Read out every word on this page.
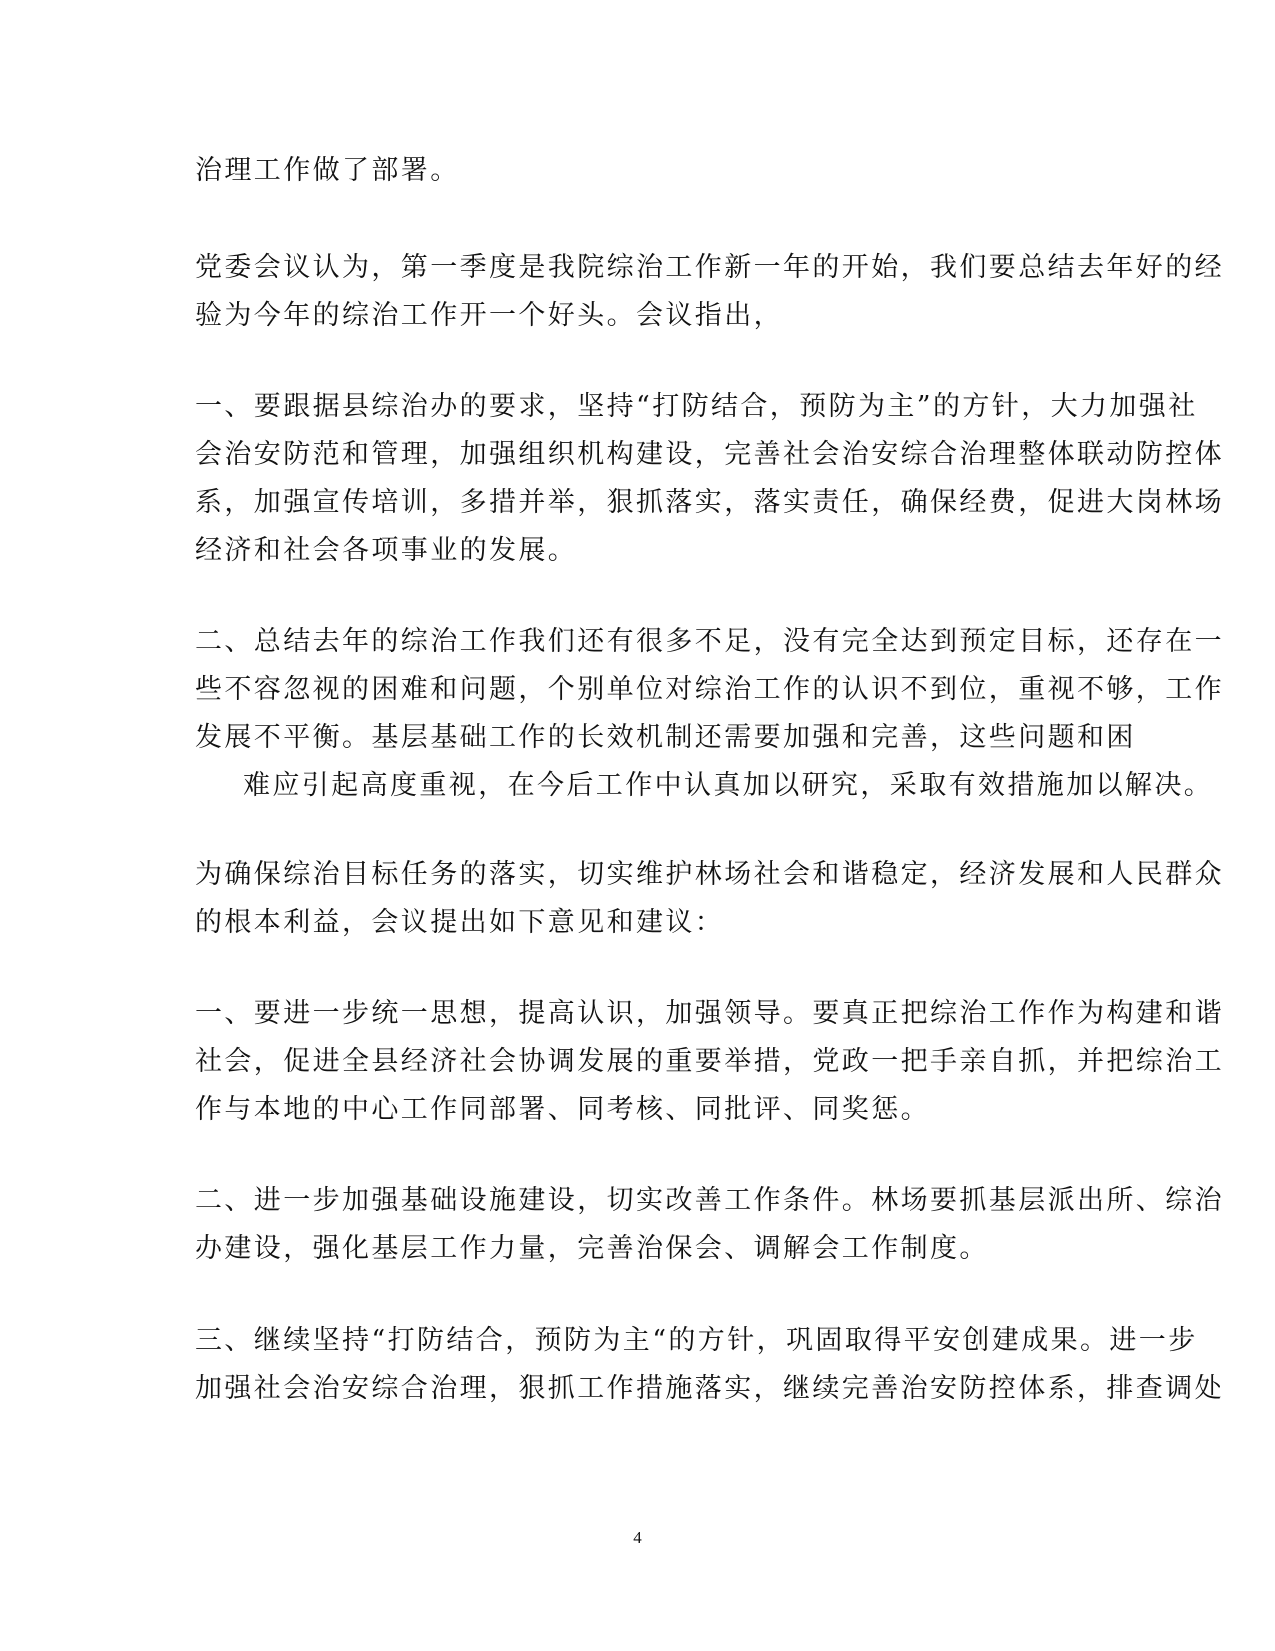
治理工作做了部署。
党委会议认为，第一季度是我院综治工作新一年的开始，我们要总结去年好的经
验为今年的综治工作开一个好头。会议指出，
一、要跟据县综治办的要求，坚持“打防结合，预防为主”的方针，大力加强社
会治安防范和管理，加强组织机构建设，完善社会治安综合治理整体联动防控体
系，加强宣传培训，多措并举，狠抓落实，落实责任，确保经费，促进大岗林场
经济和社会各项事业的发展。
二、总结去年的综治工作我们还有很多不足，没有完全达到预定目标，还存在一
些不容忽视的困难和问题，个别单位对综治工作的认识不到位，重视不够，工作
发展不平衡。基层基础工作的长效机制还需要加强和完善，这些问题和困
难应引起高度重视，在今后工作中认真加以研究，采取有效措施加以解决。
为确保综治目标任务的落实，切实维护林场社会和谐稳定，经济发展和人民群众
的根本利益，会议提出如下意见和建议：
一、要进一步统一思想，提高认识，加强领导。要真正把综治工作作为构建和谐
社会，促进全县经济社会协调发展的重要举措，党政一把手亲自抓，并把综治工
作与本地的中心工作同部署、同考核、同批评、同奖惩。
二、进一步加强基础设施建设，切实改善工作条件。林场要抓基层派出所、综治
办建设，强化基层工作力量，完善治保会、调解会工作制度。
三、继续坚持“打防结合，预防为主“的方针，巩固取得平安创建成果。进一步
加强社会治安综合治理，狠抓工作措施落实，继续完善治安防控体系，排查调处
4
